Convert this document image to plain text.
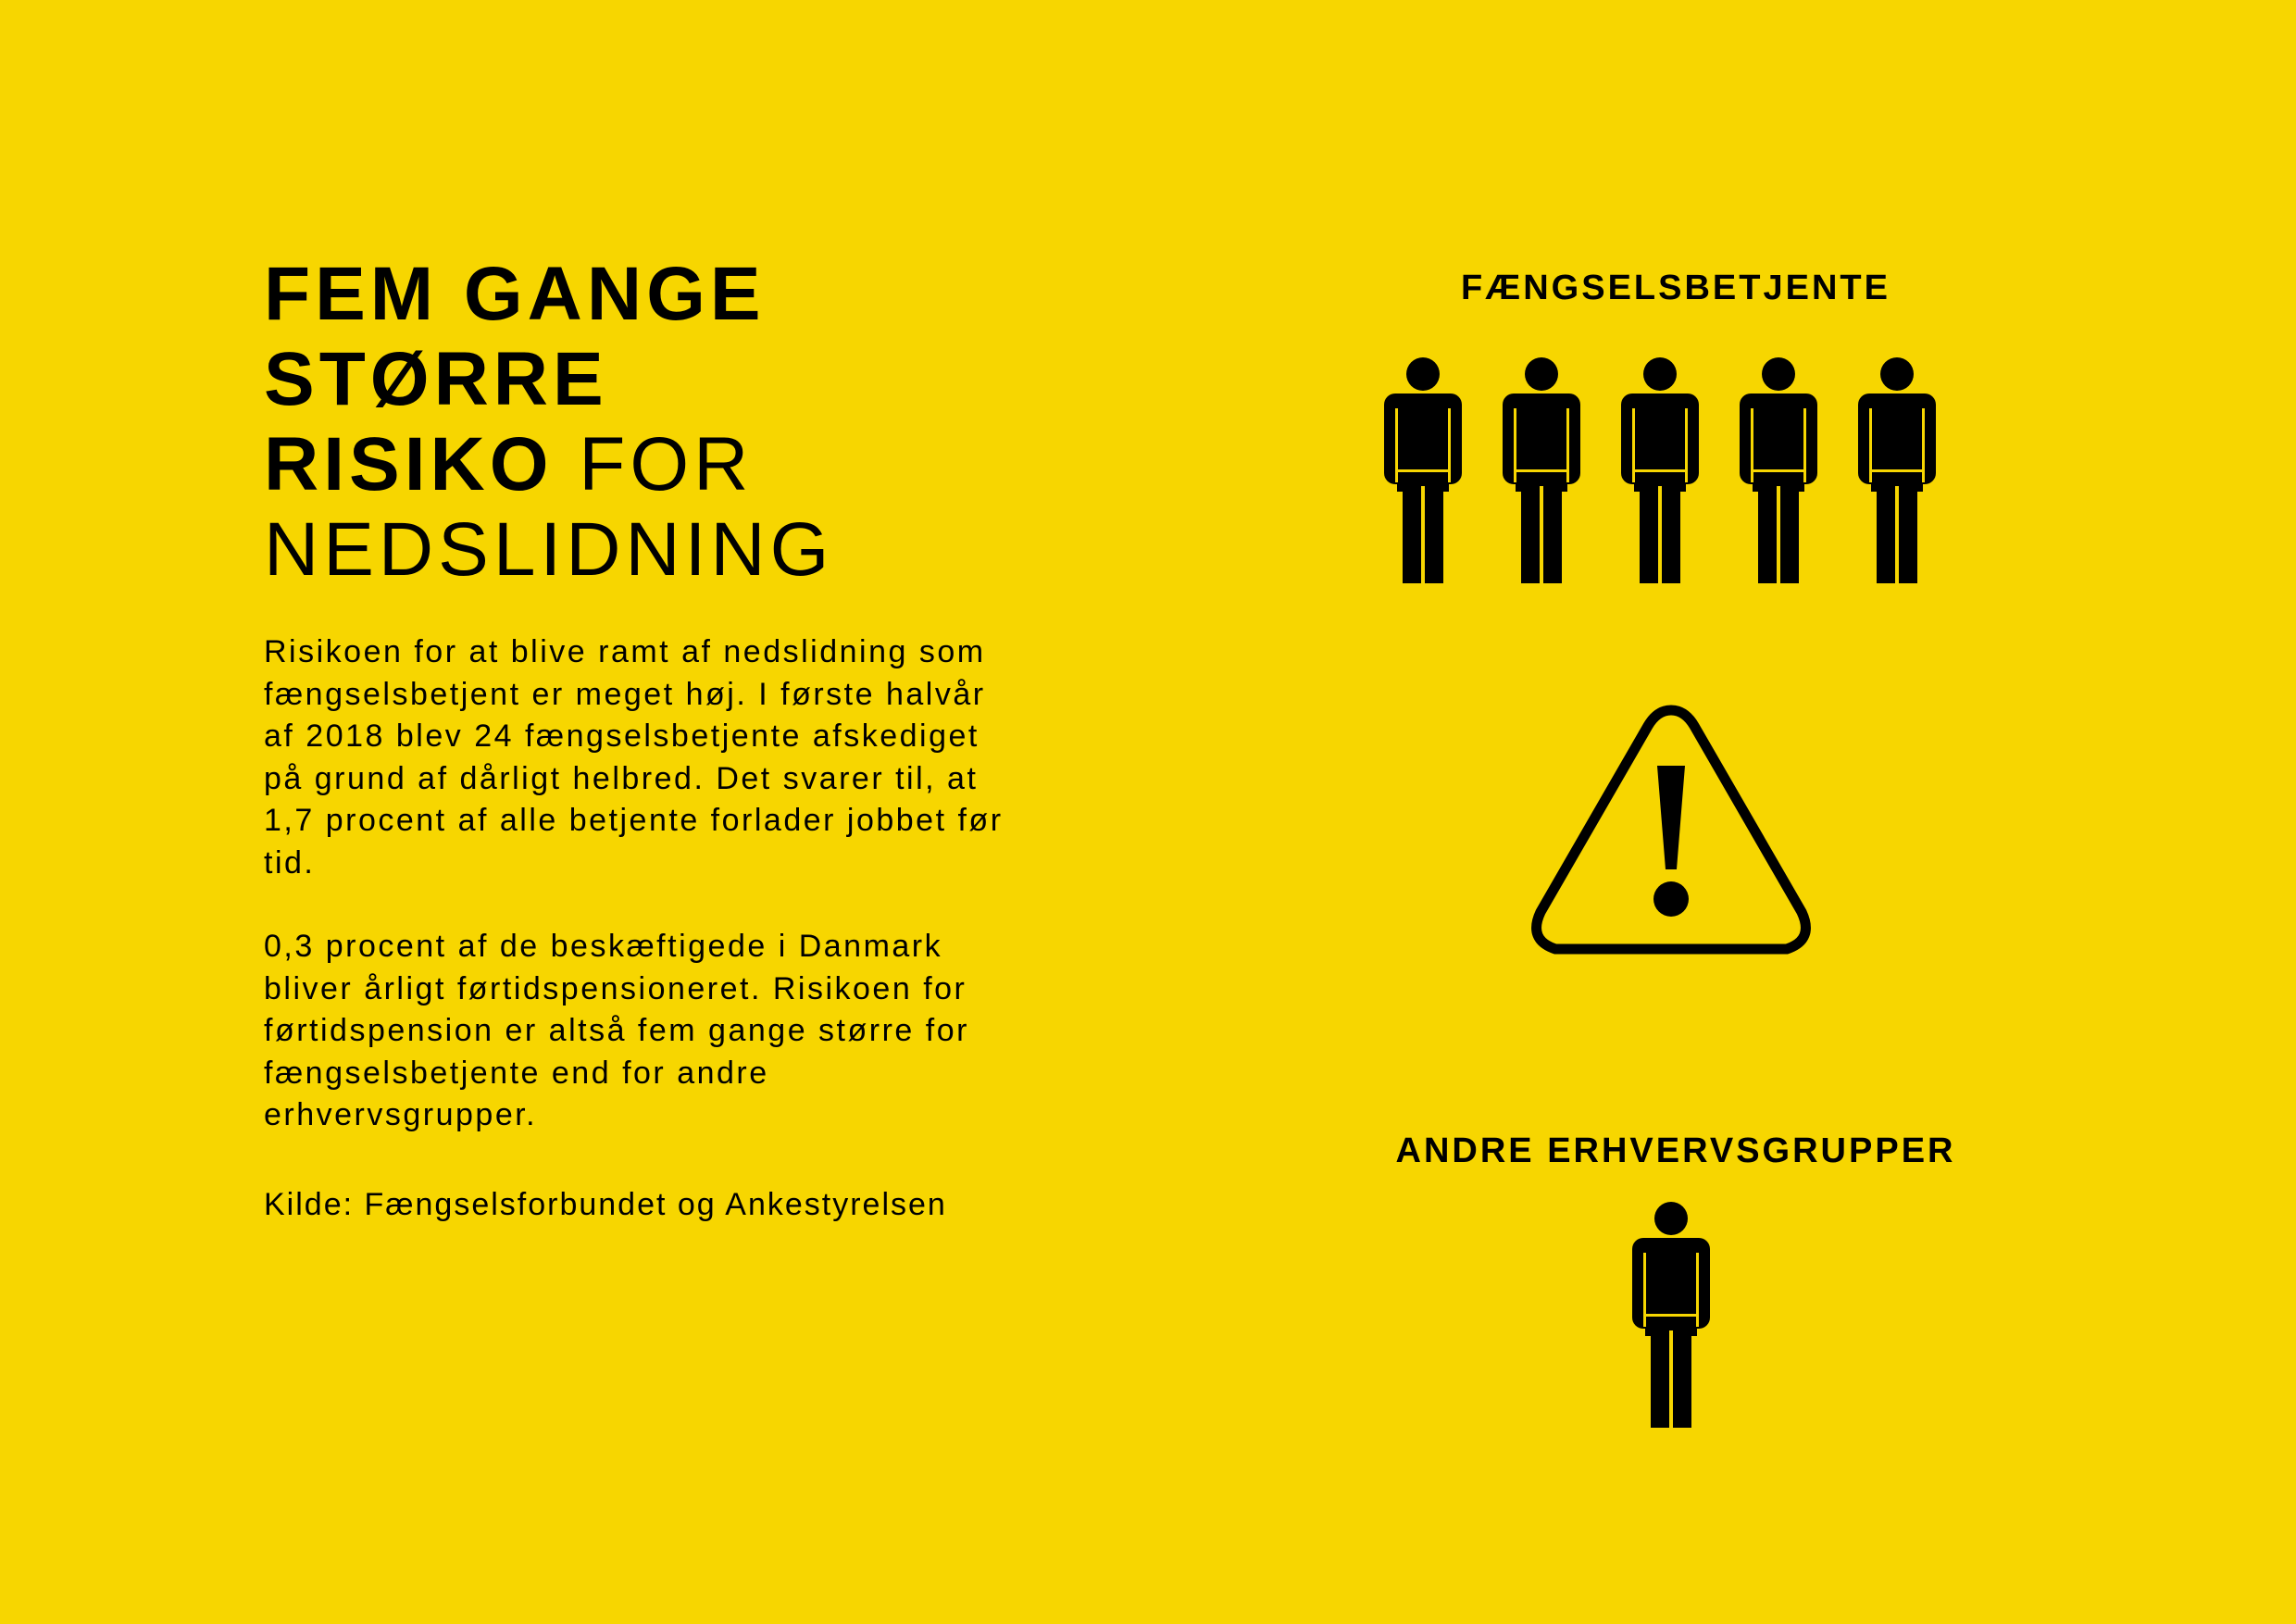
FEM GANGE
STØRRE
RISIKO FOR
NEDSLIDNING

Risikoen for at blive ramt af nedslidning som fængselsbetjent er meget høj. I første halvår af 2018 blev 24 fængselsbetjente afskediget på grund af dårligt helbred. Det svarer til, at 1,7 procent af alle betjente forlader jobbet før tid.

0,3 procent af de beskæftigede i Danmark bliver årligt førtidspensioneret. Risikoen for førtidspension er altså fem gange større for fængselsbetjente end for andre erhvervsgrupper.

Kilde: Fængselsforbundet og Ankestyrelsen
FÆNGSELSBETJENTE
ANDRE ERHVERVSGRUPPER
